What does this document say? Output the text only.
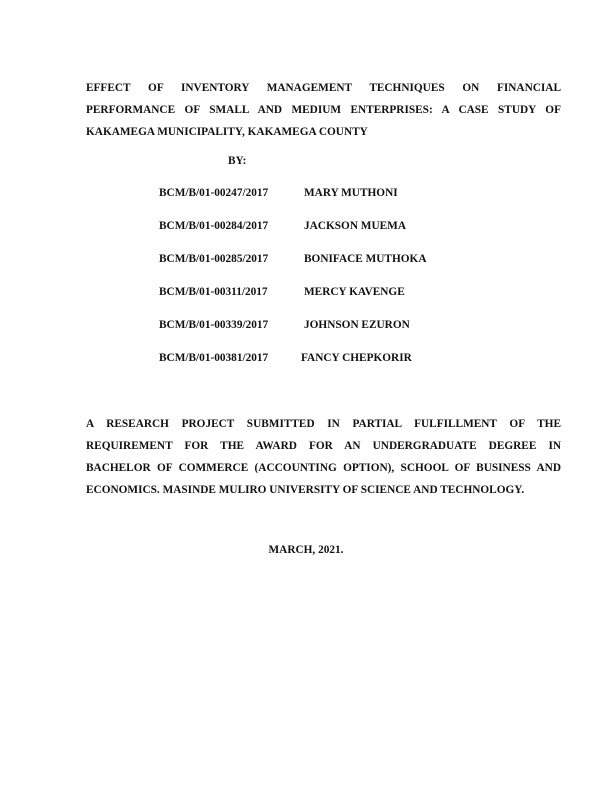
EFFECT OF INVENTORY MANAGEMENT TECHNIQUES ON FINANCIAL
PERFORMANCE OF SMALL AND MEDIUM ENTERPRISES: A CASE STUDY OF
KAKAMEGA MUNICIPALITY, KAKAMEGA COUNTY
BY:
BCM/B/01-00247/2017	MARY MUTHONI
BCM/B/01-00284/2017	JACKSON MUEMA
BCM/B/01-00285/2017	BONIFACE MUTHOKA
BCM/B/01-00311/2017	MERCY KAVENGE
BCM/B/01-00339/2017	JOHNSON EZURON
BCM/B/01-00381/2017	FANCY CHEPKORIR
A RESEARCH PROJECT SUBMITTED IN PARTIAL FULFILLMENT OF THE
REQUIREMENT FOR THE AWARD FOR AN UNDERGRADUATE DEGREE IN
BACHELOR OF COMMERCE (ACCOUNTING OPTION), SCHOOL OF BUSINESS AND
ECONOMICS. MASINDE MULIRO UNIVERSITY OF SCIENCE AND TECHNOLOGY.
MARCH, 2021.
